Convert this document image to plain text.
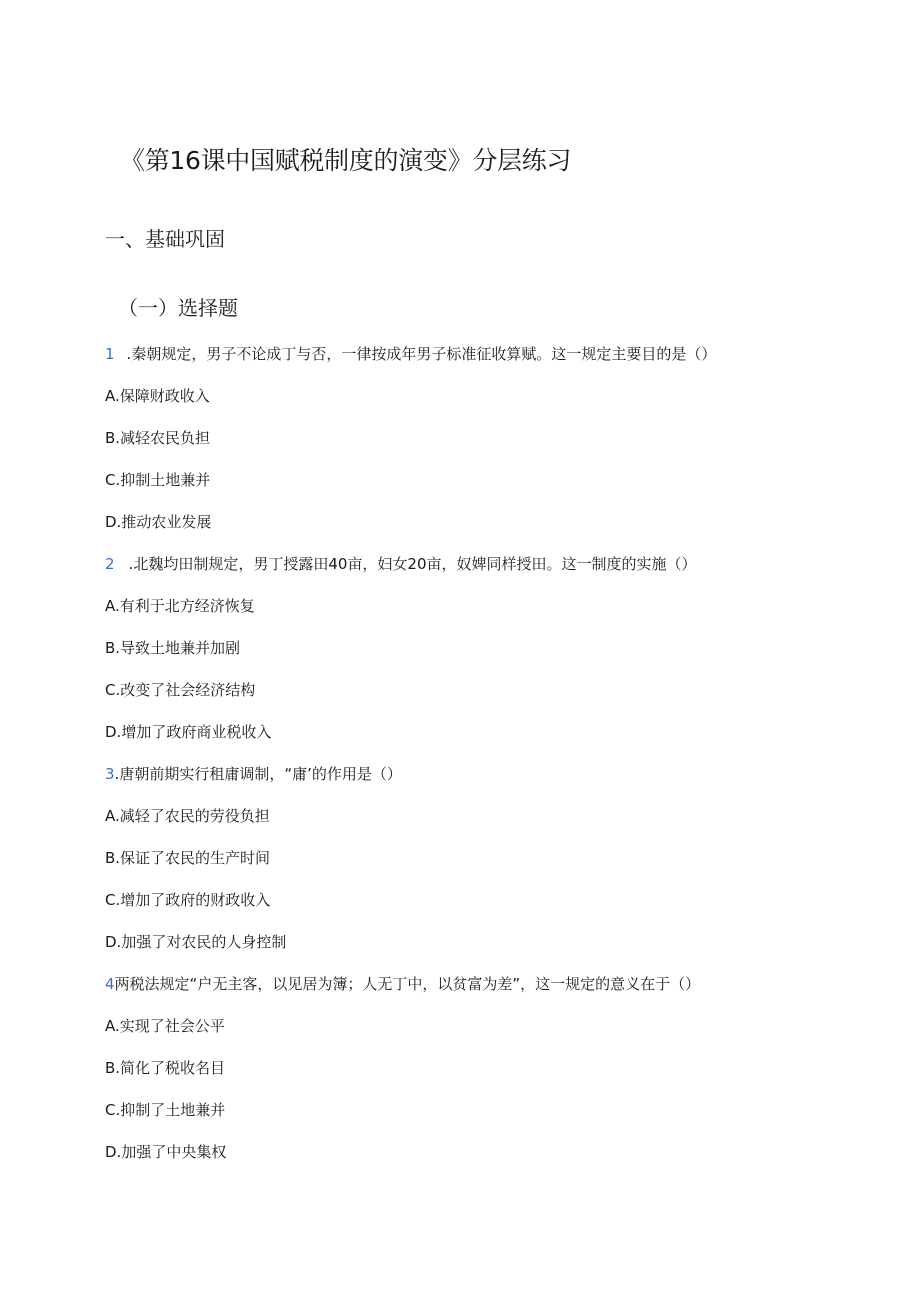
《第16课中国赋税制度的演变》分层练习
一、基础巩固
（一）选择题
1 .秦朝规定，男子不论成丁与否，一律按成年男子标准征收算赋。这一规定主要目的是（）
A.保障财政收入
B.减轻农民负担
C.抑制土地兼并
D.推动农业发展
2 .北魏均田制规定，男丁授露田40亩，妇女20亩，奴婢同样授田。这一制度的实施（）
A.有利于北方经济恢复
B.导致土地兼并加剧
C.改变了社会经济结构
D.增加了政府商业税收入
3.唐朝前期实行租庸调制，“庸’的作用是（）
A.减轻了农民的劳役负担
B.保证了农民的生产时间
C.增加了政府的财政收入
D.加强了对农民的人身控制
4两税法规定“户无主客，以见居为簿；人无丁中，以贫富为差”，这一规定的意义在于（）
A.实现了社会公平
B.简化了税收名目
C.抑制了土地兼并
D.加强了中央集权
